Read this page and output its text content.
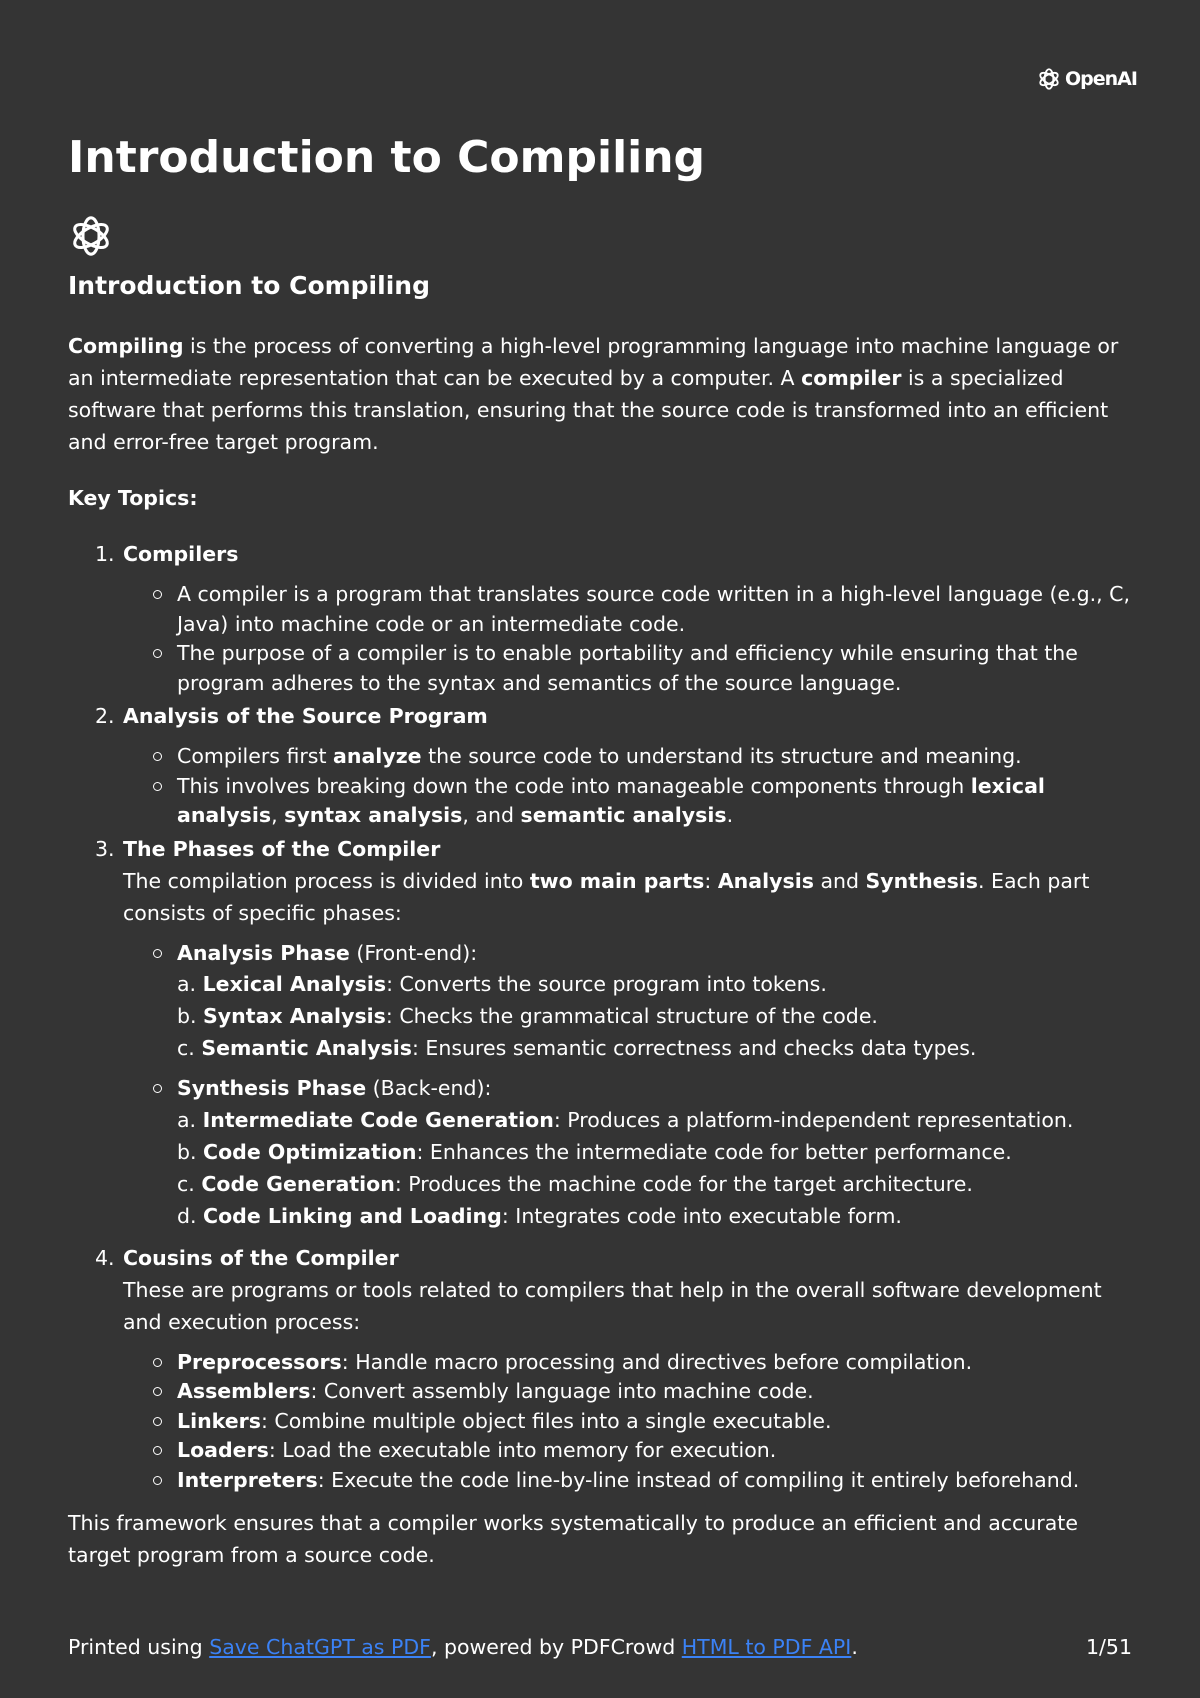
OpenAI
Introduction to Compiling
Introduction to Compiling

Compiling is the process of converting a high-level programming language into machine language or an intermediate representation that can be executed by a computer. A compiler is a specialized software that performs this translation, ensuring that the source code is transformed into an efficient and error-free target program.

Key Topics:

1. Compilers
A compiler is a program that translates source code written in a high-level language (e.g., C, Java) into machine code or an intermediate code.
The purpose of a compiler is to enable portability and efficiency while ensuring that the program adheres to the syntax and semantics of the source language.
2. Analysis of the Source Program
Compilers first analyze the source code to understand its structure and meaning.
This involves breaking down the code into manageable components through lexical analysis, syntax analysis, and semantic analysis.
3. The Phases of the Compiler

The compilation process is divided into two main parts: Analysis and Synthesis. Each part consists of specific phases:

Analysis Phase (Front-end):
a. Lexical Analysis: Converts the source program into tokens.
b. Syntax Analysis: Checks the grammatical structure of the code.
c. Semantic Analysis: Ensures semantic correctness and checks data types.
Synthesis Phase (Back-end):
a. Intermediate Code Generation: Produces a platform-independent representation.
b. Code Optimization: Enhances the intermediate code for better performance.
c. Code Generation: Produces the machine code for the target architecture.
d. Code Linking and Loading: Integrates code into executable form.
4. Cousins of the Compiler

These are programs or tools related to compilers that help in the overall software development and execution process:

Preprocessors: Handle macro processing and directives before compilation.
Assemblers: Convert assembly language into machine code.
Linkers: Combine multiple object files into a single executable.
Loaders: Load the executable into memory for execution.
Interpreters: Execute the code line-by-line instead of compiling it entirely beforehand.

This framework ensures that a compiler works systematically to produce an efficient and accurate target program from a source code.

Printed using Save ChatGPT as PDF, powered by PDFCrowd HTML to PDF API.	1/51
